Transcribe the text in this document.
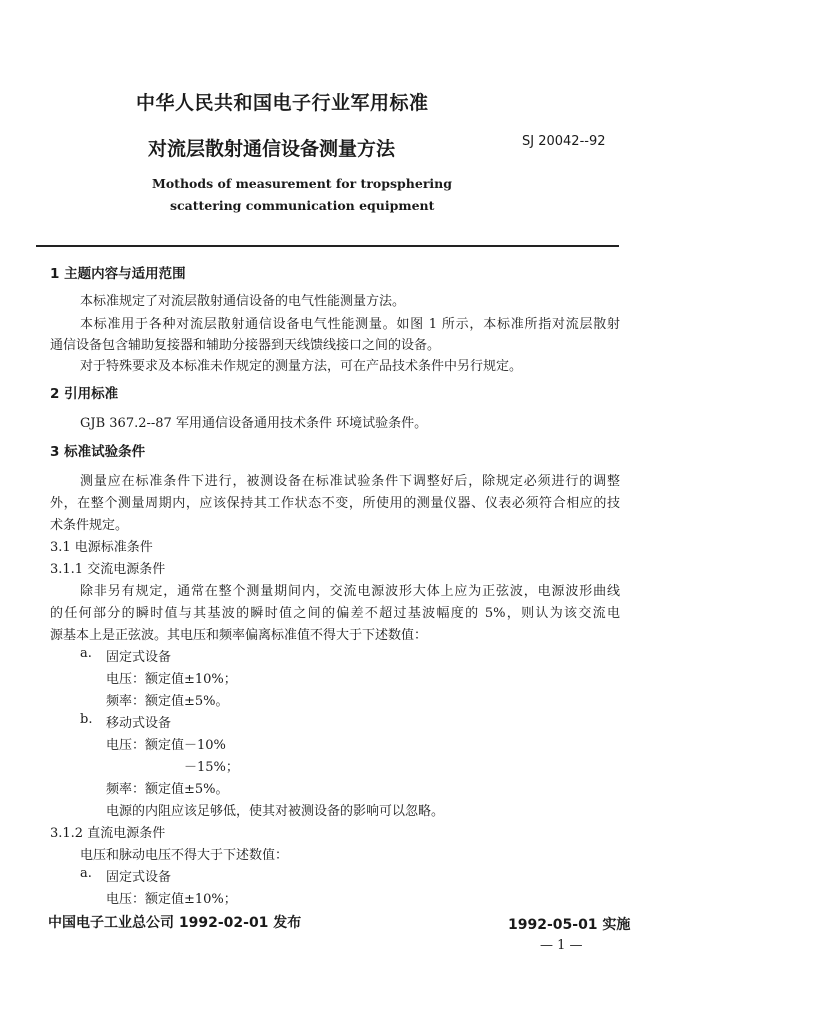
中华人民共和国电子行业军用标准
对流层散射通信设备测量方法	SJ 20042--92
Mothods of measurement for tropsphering
scattering communication equipment
1 主题内容与适用范围
本标准规定了对流层散射通信设备的电气性能测量方法。
本标准用于各种对流层散射通信设备电气性能测量。如图 1 所示，本标准所指对流层散射
通信设备包含辅助复接器和辅助分接器到天线馈线接口之间的设备。
对于特殊要求及本标准未作规定的测量方法，可在产品技术条件中另行规定。
2 引用标准
GJB 367.2--87 军用通信设备通用技术条件 环境试验条件。
3 标准试验条件
测量应在标准条件下进行，被测设备在标准试验条件下调整好后，除规定必须进行的调整
外，在整个测量周期内，应该保持其工作状态不变，所使用的测量仪器、仪表必须符合相应的技
术条件规定。
3.1 电源标准条件
3.1.1 交流电源条件
除非另有规定，通常在整个测量期间内，交流电源波形大体上应为正弦波，电源波形曲线
的任何部分的瞬时值与其基波的瞬时值之间的偏差不超过基波幅度的 5%，则认为该交流电
源基本上是正弦波。其电压和频率偏离标准值不得大于下述数值：
a. 固定式设备
电压：额定值±10%；
频率：额定值±5%。
b. 移动式设备
电压：额定值－10%
－15%；
频率：额定值±5%。
电源的内阻应该足够低，使其对被测设备的影响可以忽略。
3.1.2 直流电源条件
电压和脉动电压不得大于下述数值：
a. 固定式设备
电压：额定值±10%；
中国电子工业总公司 1992-02-01 发布	1992-05-01 实施
— 1 —
